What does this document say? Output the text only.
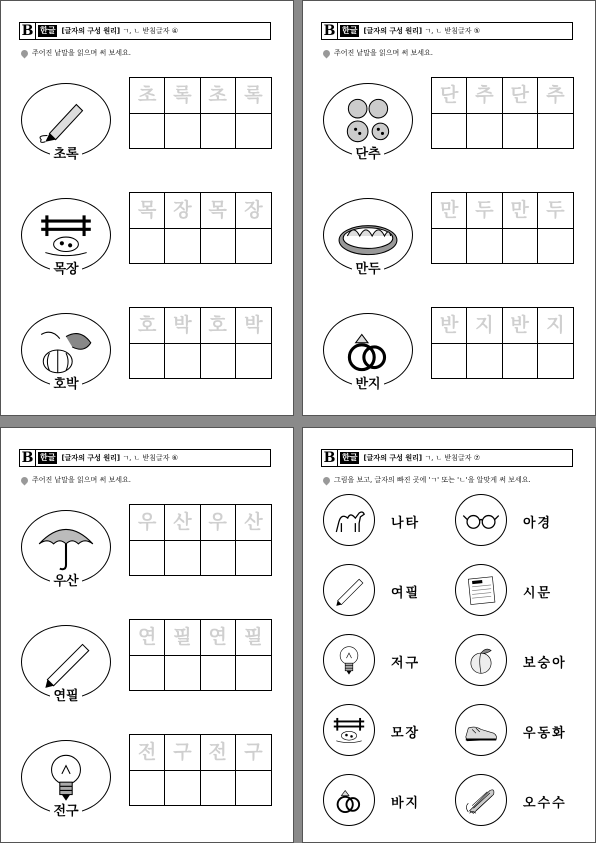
B 한글 [글자의 구성 원리] ㄱ, ㄴ 받침글자 ④
주어진 낱말을 읽으며 써 보세요.
초록
초 록 초 록
목장
목 장 목 장
호박
호 박 호 박
B 한글 [글자의 구성 원리] ㄱ, ㄴ 받침글자 ⑤
주어진 낱말을 읽으며 써 보세요.
단추
단 추 단 추
만두
만 두 만 두
반지
반 지 반 지
B 한글 [글자의 구성 원리] ㄱ, ㄴ 받침글자 ⑥
주어진 낱말을 읽으며 써 보세요.
우산
우 산 우 산
연필
연 필 연 필
전구
전 구 전 구
B 한글 [글자의 구성 원리] ㄱ, ㄴ 받침글자 ⑦
그림을 보고, 글자의 빠진 곳에 'ㄱ' 또는 'ㄴ'을 알맞게 써 보세요.
나타	아경
여필	시문
저구	보숭아
모장	우동화
바지	오수수
